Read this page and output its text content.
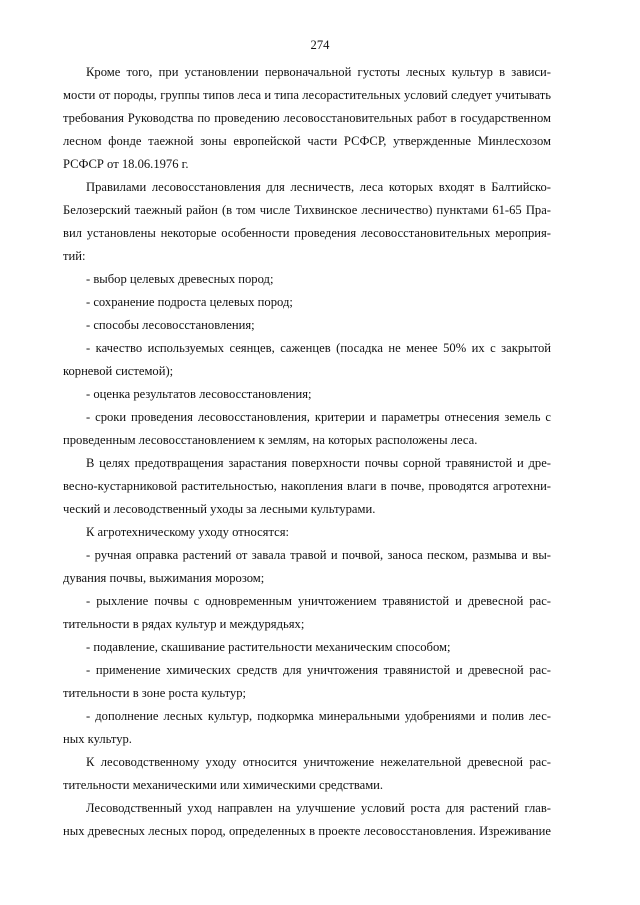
274
Кроме того, при установлении первоначальной густоты лесных культур в зависи-
мости от породы, группы типов леса и типа лесорастительных условий следует учитывать
требования Руководства по проведению лесовосстановительных работ в государственном
лесном фонде таежной зоны европейской части РСФСР, утвержденные Минлесхозом
РСФСР от 18.06.1976 г.
Правилами лесовосстановления для лесничеств, леса которых входят в Балтийско-
Белозерский таежный район (в том числе Тихвинское лесничество) пунктами 61-65 Пра-
вил установлены некоторые особенности проведения лесовосстановительных мероприя-
тий:
- выбор целевых древесных пород;
- сохранение подроста целевых пород;
- способы лесовосстановления;
- качество используемых сеянцев, саженцев (посадка не менее 50% их с закрытой
корневой системой);
- оценка результатов лесовосстановления;
- сроки проведения лесовосстановления, критерии и параметры отнесения земель с
проведенным лесовосстановлением к землям, на которых расположены леса.
В целях предотвращения зарастания поверхности почвы сорной травянистой и дре-
весно-кустарниковой растительностью, накопления влаги в почве, проводятся агротехни-
ческий и лесоводственный уходы за лесными культурами.
К агротехническому уходу относятся:
- ручная оправка растений от завала травой и почвой, заноса песком, размыва и вы-
дувания почвы, выжимания морозом;
- рыхление почвы с одновременным уничтожением травянистой и древесной рас-
тительности в рядах культур и междурядьях;
- подавление, скашивание растительности механическим способом;
- применение химических средств для уничтожения травянистой и древесной рас-
тительности в зоне роста культур;
- дополнение лесных культур, подкормка минеральными удобрениями и полив лес-
ных культур.
К лесоводственному уходу относится уничтожение нежелательной древесной рас-
тительности механическими или химическими средствами.
Лесоводственный уход направлен на улучшение условий роста для растений глав-
ных древесных лесных пород, определенных в проекте лесовосстановления. Изреживание
